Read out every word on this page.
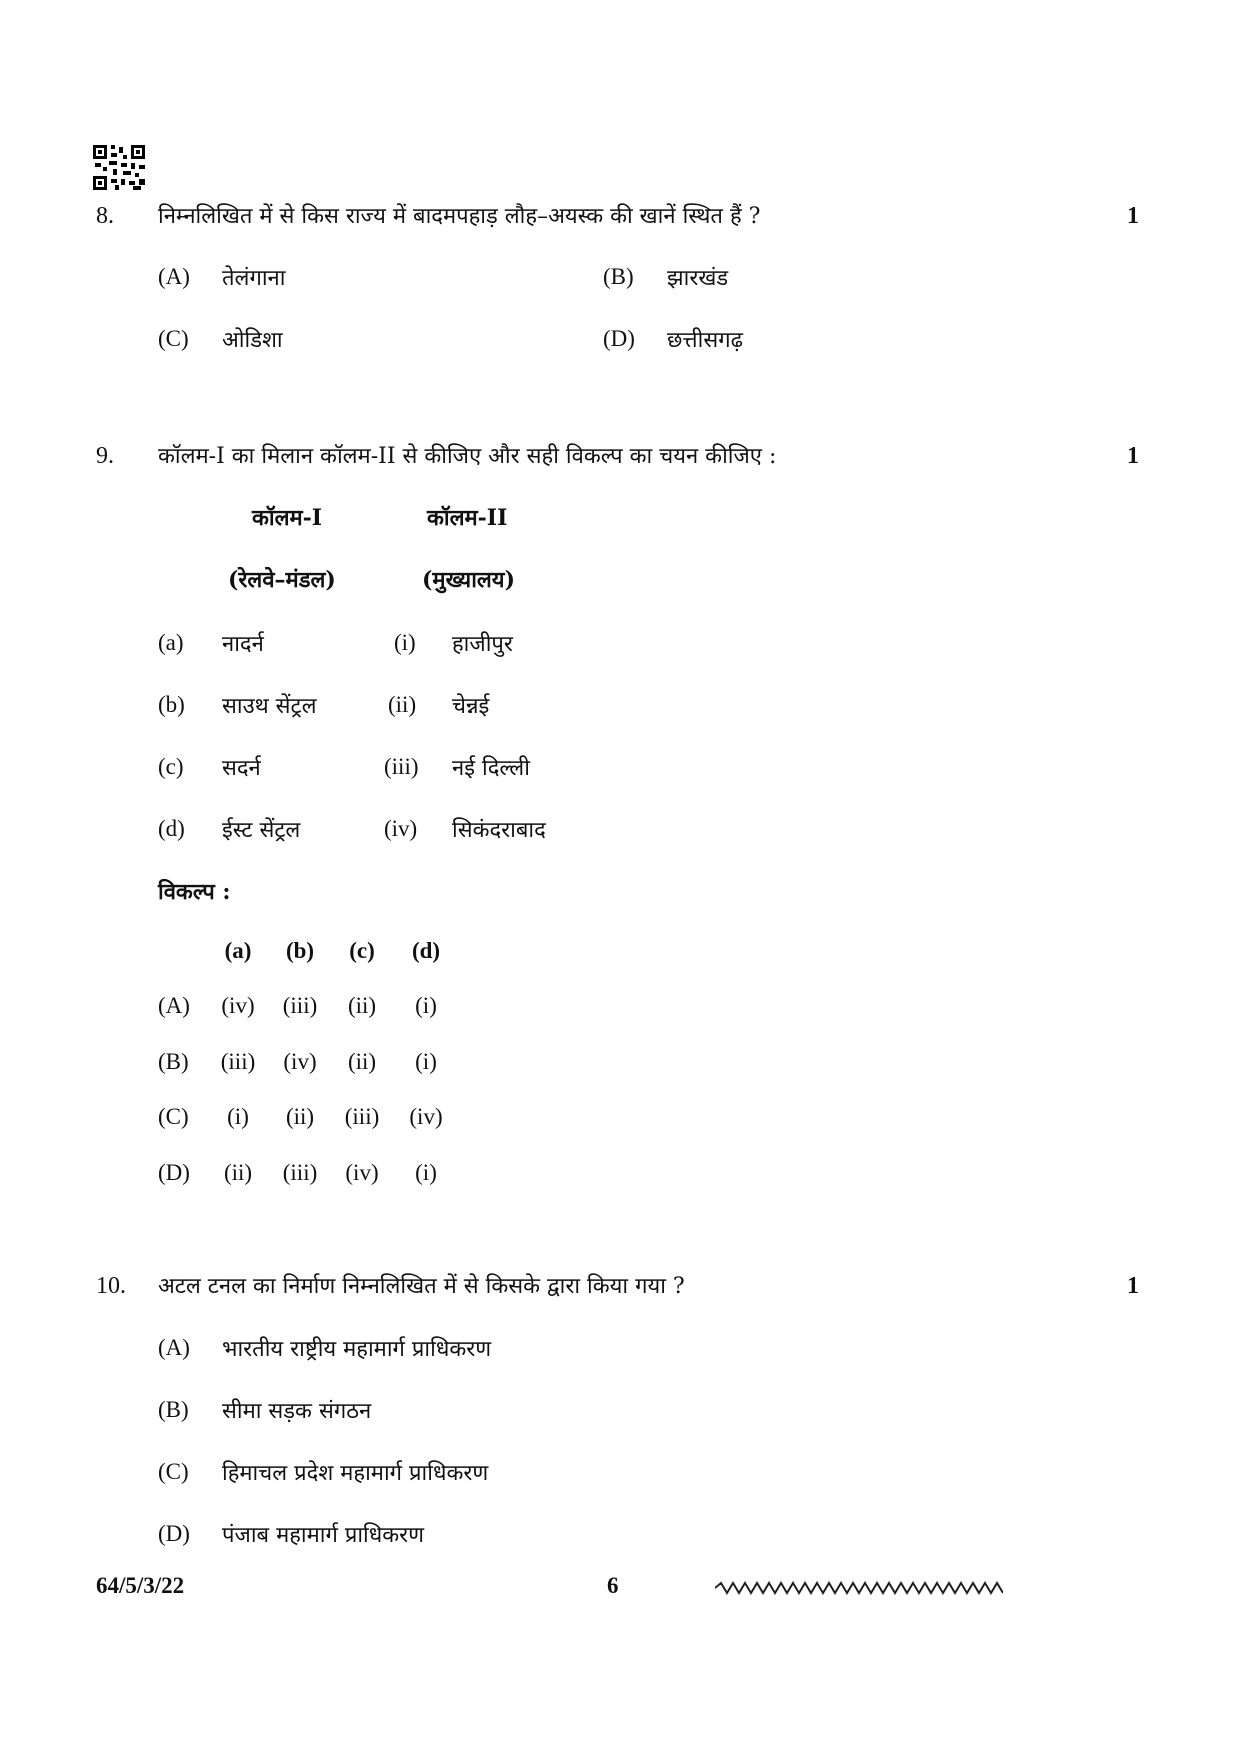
8. निम्नलिखित में से किस राज्य में बादमपहाड़ लौह–अयस्क की खानें स्थित हैं ?	1
(A) तेलंगाना	(B) झारखंड
(C) ओडिशा	(D) छत्तीसगढ़
9. कॉलम-I का मिलान कॉलम-II से कीजिए और सही विकल्प का चयन कीजिए :	1
कॉलम-I	कॉलम-II
(रेलवे–मंडल)	(मुख्यालय)
(a) नादर्न	(i) हाजीपुर
(b) साउथ सेंट्रल	(ii) चेन्नई
(c) सदर्न	(iii) नई दिल्ली
(d) ईस्ट सेंट्रल	(iv) सिकंदराबाद
विकल्प :
(a)	(b)	(c)	(d)
(A)	(iv)	(iii)	(ii)	(i)
(B)	(iii)	(iv)	(ii)	(i)
(C)	(i)	(ii)	(iii)	(iv)
(D)	(ii)	(iii)	(iv)	(i)
10. अटल टनल का निर्माण निम्नलिखित में से किसके द्वारा किया गया ?	1
(A) भारतीय राष्ट्रीय महामार्ग प्राधिकरण
(B) सीमा सड़क संगठन
(C) हिमाचल प्रदेश महामार्ग प्राधिकरण
(D) पंजाब महामार्ग प्राधिकरण
64/5/3/22	6
